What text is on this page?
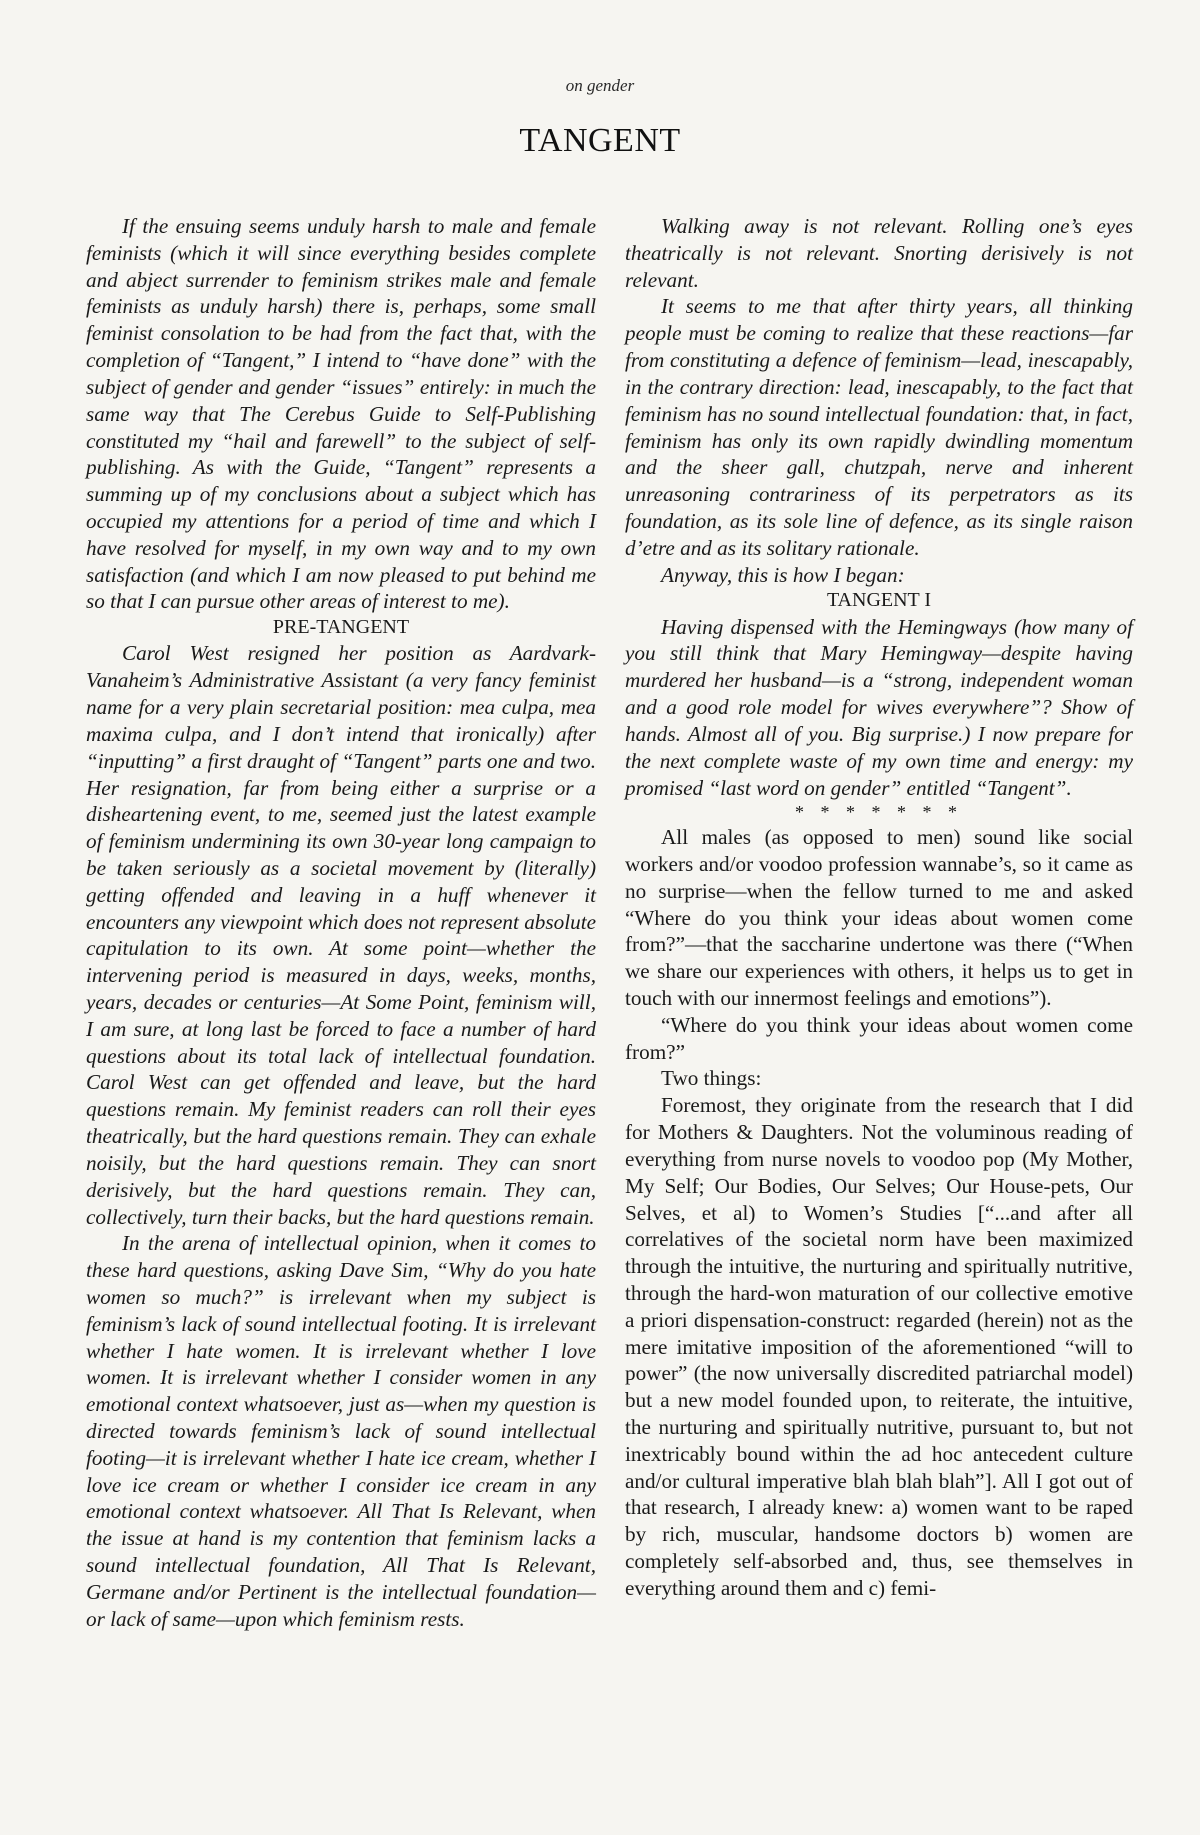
on gender
TANGENT

If the ensuing seems unduly harsh to male and female feminists (which it will since everything besides complete and abject surrender to feminism strikes male and female feminists as unduly harsh) there is, perhaps, some small feminist consolation to be had from the fact that, with the completion of “Tangent,” I intend to “have done” with the subject of gender and gender “issues” entirely: in much the same way that The Cerebus Guide to Self-Publishing constituted my “hail and farewell” to the subject of self-publishing. As with the Guide, “Tangent” represents a summing up of my conclusions about a subject which has occupied my attentions for a period of time and which I have resolved for myself, in my own way and to my own satisfaction (and which I am now pleased to put behind me so that I can pursue other areas of interest to me).

PRE-TANGENT

Carol West resigned her position as Aardvark-Vanaheim’s Administrative Assistant (a very fancy feminist name for a very plain secretarial position: mea culpa, mea maxima culpa, and I don’t intend that ironically) after “inputting” a first draught of “Tangent” parts one and two. Her resignation, far from being either a surprise or a disheartening event, to me, seemed just the latest example of feminism undermining its own 30-year long campaign to be taken seriously as a societal movement by (literally) getting offended and leaving in a huff whenever it encounters any viewpoint which does not represent absolute capitulation to its own. At some point—whether the intervening period is measured in days, weeks, months, years, decades or centuries—At Some Point, feminism will, I am sure, at long last be forced to face a number of hard questions about its total lack of intellectual foundation. Carol West can get offended and leave, but the hard questions remain. My feminist readers can roll their eyes theatrically, but the hard questions remain. They can exhale noisily, but the hard questions remain. They can snort derisively, but the hard questions remain. They can, collectively, turn their backs, but the hard questions remain.

In the arena of intellectual opinion, when it comes to these hard questions, asking Dave Sim, “Why do you hate women so much?” is irrelevant when my subject is feminism’s lack of sound intellectual footing. It is irrelevant whether I hate women. It is irrelevant whether I love women. It is irrelevant whether I consider women in any emotional context whatsoever, just as—when my question is directed towards feminism’s lack of sound intellectual footing—it is irrelevant whether I hate ice cream, whether I love ice cream or whether I consider ice cream in any emotional context whatsoever. All That Is Relevant, when the issue at hand is my contention that feminism lacks a sound intellectual foundation, All That Is Relevant, Germane and/or Pertinent is the intellectual foundation—or lack of same—upon which feminism rests.

Walking away is not relevant. Rolling one’s eyes theatrically is not relevant. Snorting derisively is not relevant.

It seems to me that after thirty years, all thinking people must be coming to realize that these reactions—far from constituting a defence of feminism—lead, inescapably, in the contrary direction: lead, inescapably, to the fact that feminism has no sound intellectual foundation: that, in fact, feminism has only its own rapidly dwindling momentum and the sheer gall, chutzpah, nerve and inherent unreasoning contrariness of its perpetrators as its foundation, as its sole line of defence, as its single raison d’etre and as its solitary rationale.

Anyway, this is how I began:

TANGENT I

Having dispensed with the Hemingways (how many of you still think that Mary Hemingway—despite having murdered her husband—is a “strong, independent woman and a good role model for wives everywhere”? Show of hands. Almost all of you. Big surprise.) I now prepare for the next complete waste of my own time and energy: my promised “last word on gender” entitled “Tangent”.

* * * * * * *

All males (as opposed to men) sound like social workers and/or voodoo profession wannabe’s, so it came as no surprise—when the fellow turned to me and asked “Where do you think your ideas about women come from?”—that the saccharine undertone was there (“When we share our experiences with others, it helps us to get in touch with our innermost feelings and emotions”).

“Where do you think your ideas about women come from?”

Two things:

Foremost, they originate from the research that I did for Mothers & Daughters. Not the voluminous reading of everything from nurse novels to voodoo pop (My Mother, My Self; Our Bodies, Our Selves; Our House-pets, Our Selves, et al) to Women’s Studies [“...and after all correlatives of the societal norm have been maximized through the intuitive, the nurturing and spiritually nutritive, through the hard-won maturation of our collective emotive a priori dispensation-construct: regarded (herein) not as the mere imitative imposition of the aforementioned “will to power” (the now universally discredited patriarchal model) but a new model founded upon, to reiterate, the intuitive, the nurturing and spiritually nutritive, pursuant to, but not inextricably bound within the ad hoc antecedent culture and/or cultural imperative blah blah blah”]. All I got out of that research, I already knew: a) women want to be raped by rich, muscular, handsome doctors b) women are completely self-absorbed and, thus, see themselves in everything around them and c) femi-
